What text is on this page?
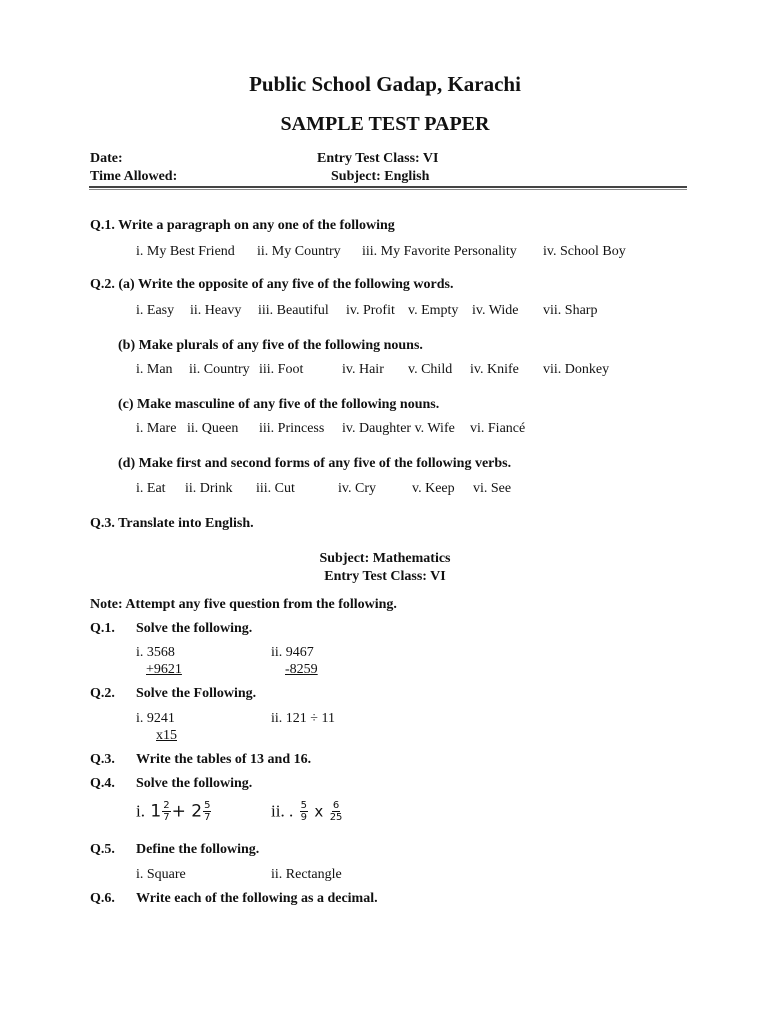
Public School Gadap, Karachi
SAMPLE TEST PAPER
Date:
Time Allowed:
Entry Test Class: VI
Subject: English
Q.1. Write a paragraph on any one of the following
i. My Best Friend ii. My Country iii. My Favorite Personality iv. School Boy
Q.2. (a) Write the opposite of any five of the following words.
i. Easy ii. Heavy iii. Beautiful iv. Profit v. Empty iv. Wide vii. Sharp
(b) Make plurals of any five of the following nouns.
i. Man ii. Country iii. Foot	iv. Hair v. Child iv. Knife vii. Donkey
(c) Make masculine of any five of the following nouns.
i. Mare ii. Queen iii. Princess iv. Daughter v. Wife vi. Fiancé
(d) Make first and second forms of any five of the following verbs.
i. Eat ii. Drink iii. Cut	iv. Cry	v. Keep vi. See
Q.3. Translate into English.
Subject: Mathematics
Entry Test Class: VI
Note: Attempt any five question from the following.
Q.1. Solve the following.
i. 3568
+9621
ii. 9467
-8259
Q.2. Solve the Following.
i. 9241
x15
ii. 121 ÷ 11
Q.3. Write the tables of 13 and 16.
Q.4. Solve the following.
i. $1 \frac{2}{7} + 2 \frac{5}{7}$	ii. . $\frac{5}{9}$ x $\frac{6}{25}$
Q.5. Define the following.
i. Square	ii. Rectangle
Q.6. Write each of the following as a decimal.
